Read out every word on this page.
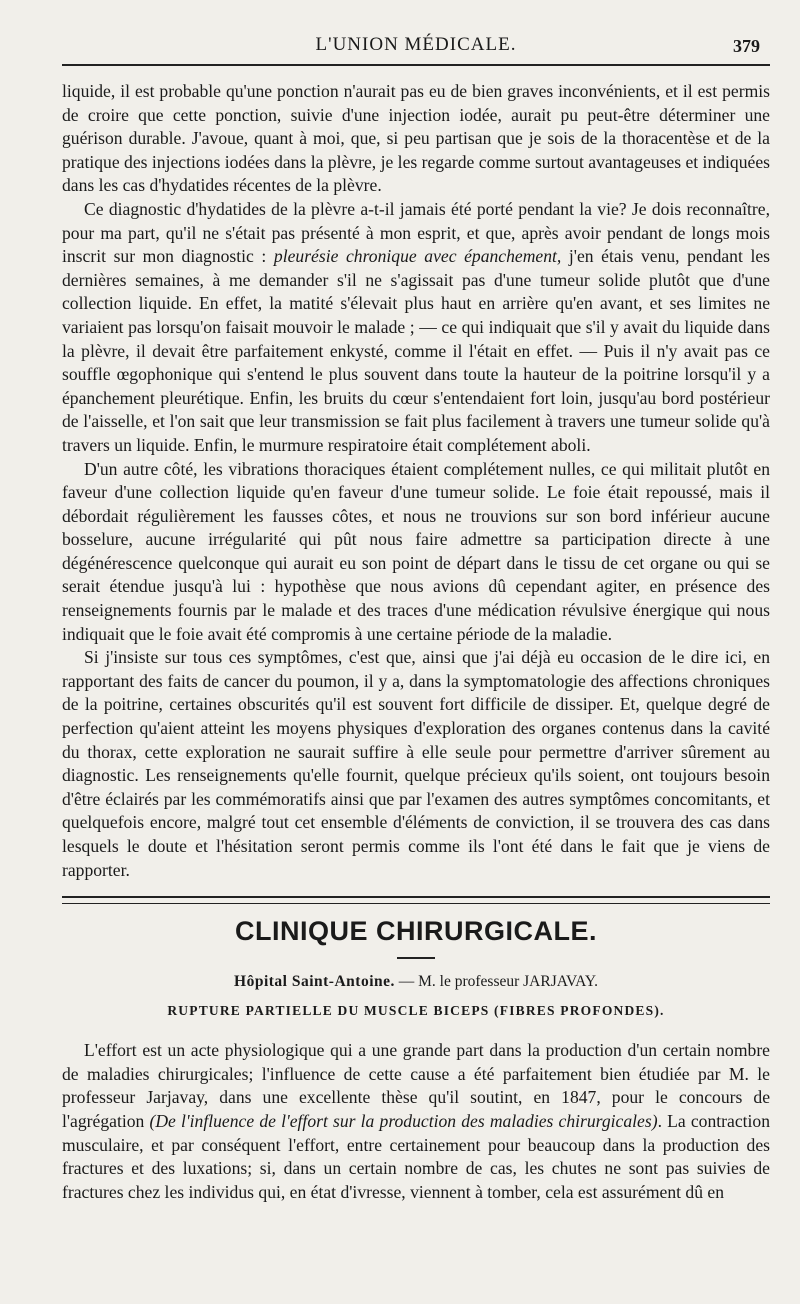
L'UNION MÉDICALE.	379

liquide, il est probable qu'une ponction n'aurait pas eu de bien graves inconvénients, et il est permis de croire que cette ponction, suivie d'une injection iodée, aurait pu peut-être déterminer une guérison durable. J'avoue, quant à moi, que, si peu partisan que je sois de la thoracentèse et de la pratique des injections iodées dans la plèvre, je les regarde comme surtout avantageuses et indiquées dans les cas d'hydatides récentes de la plèvre.

Ce diagnostic d'hydatides de la plèvre a-t-il jamais été porté pendant la vie? Je dois reconnaître, pour ma part, qu'il ne s'était pas présenté à mon esprit, et que, après avoir pendant de longs mois inscrit sur mon diagnostic : pleurésie chronique avec épanchement, j'en étais venu, pendant les dernières semaines, à me demander s'il ne s'agissait pas d'une tumeur solide plutôt que d'une collection liquide. En effet, la matité s'élevait plus haut en arrière qu'en avant, et ses limites ne variaient pas lorsqu'on faisait mouvoir le malade ; — ce qui indiquait que s'il y avait du liquide dans la plèvre, il devait être parfaitement enkysté, comme il l'était en effet. — Puis il n'y avait pas ce souffle œgophonique qui s'entend le plus souvent dans toute la hauteur de la poitrine lorsqu'il y a épanchement pleurétique. Enfin, les bruits du cœur s'entendaient fort loin, jusqu'au bord postérieur de l'aisselle, et l'on sait que leur transmission se fait plus facilement à travers une tumeur solide qu'à travers un liquide. Enfin, le murmure respiratoire était complétement aboli.

D'un autre côté, les vibrations thoraciques étaient complétement nulles, ce qui militait plutôt en faveur d'une collection liquide qu'en faveur d'une tumeur solide. Le foie était repoussé, mais il débordait régulièrement les fausses côtes, et nous ne trouvions sur son bord inférieur aucune bosselure, aucune irrégularité qui pût nous faire admettre sa participation directe à une dégénérescence quelconque qui aurait eu son point de départ dans le tissu de cet organe ou qui se serait étendue jusqu'à lui : hypothèse que nous avions dû cependant agiter, en présence des renseignements fournis par le malade et des traces d'une médication révulsive énergique qui nous indiquait que le foie avait été compromis à une certaine période de la maladie.

Si j'insiste sur tous ces symptômes, c'est que, ainsi que j'ai déjà eu occasion de le dire ici, en rapportant des faits de cancer du poumon, il y a, dans la symptomatologie des affections chroniques de la poitrine, certaines obscurités qu'il est souvent fort difficile de dissiper. Et, quelque degré de perfection qu'aient atteint les moyens physiques d'exploration des organes contenus dans la cavité du thorax, cette exploration ne saurait suffire à elle seule pour permettre d'arriver sûrement au diagnostic. Les renseignements qu'elle fournit, quelque précieux qu'ils soient, ont toujours besoin d'être éclairés par les commémoratifs ainsi que par l'examen des autres symptômes concomitants, et quelquefois encore, malgré tout cet ensemble d'éléments de conviction, il se trouvera des cas dans lesquels le doute et l'hésitation seront permis comme ils l'ont été dans le fait que je viens de rapporter.

CLINIQUE CHIRURGICALE.
Hôpital Saint-Antoine. — M. le professeur JARJAVAY.
RUPTURE PARTIELLE DU MUSCLE BICEPS (FIBRES PROFONDES).

L'effort est un acte physiologique qui a une grande part dans la production d'un certain nombre de maladies chirurgicales; l'influence de cette cause a été parfaitement bien étudiée par M. le professeur Jarjavay, dans une excellente thèse qu'il soutint, en 1847, pour le concours de l'agrégation (De l'influence de l'effort sur la production des maladies chirurgicales). La contraction musculaire, et par conséquent l'effort, entre certainement pour beaucoup dans la production des fractures et des luxations; si, dans un certain nombre de cas, les chutes ne sont pas suivies de fractures chez les individus qui, en état d'ivresse, viennent à tomber, cela est assurément dû en
